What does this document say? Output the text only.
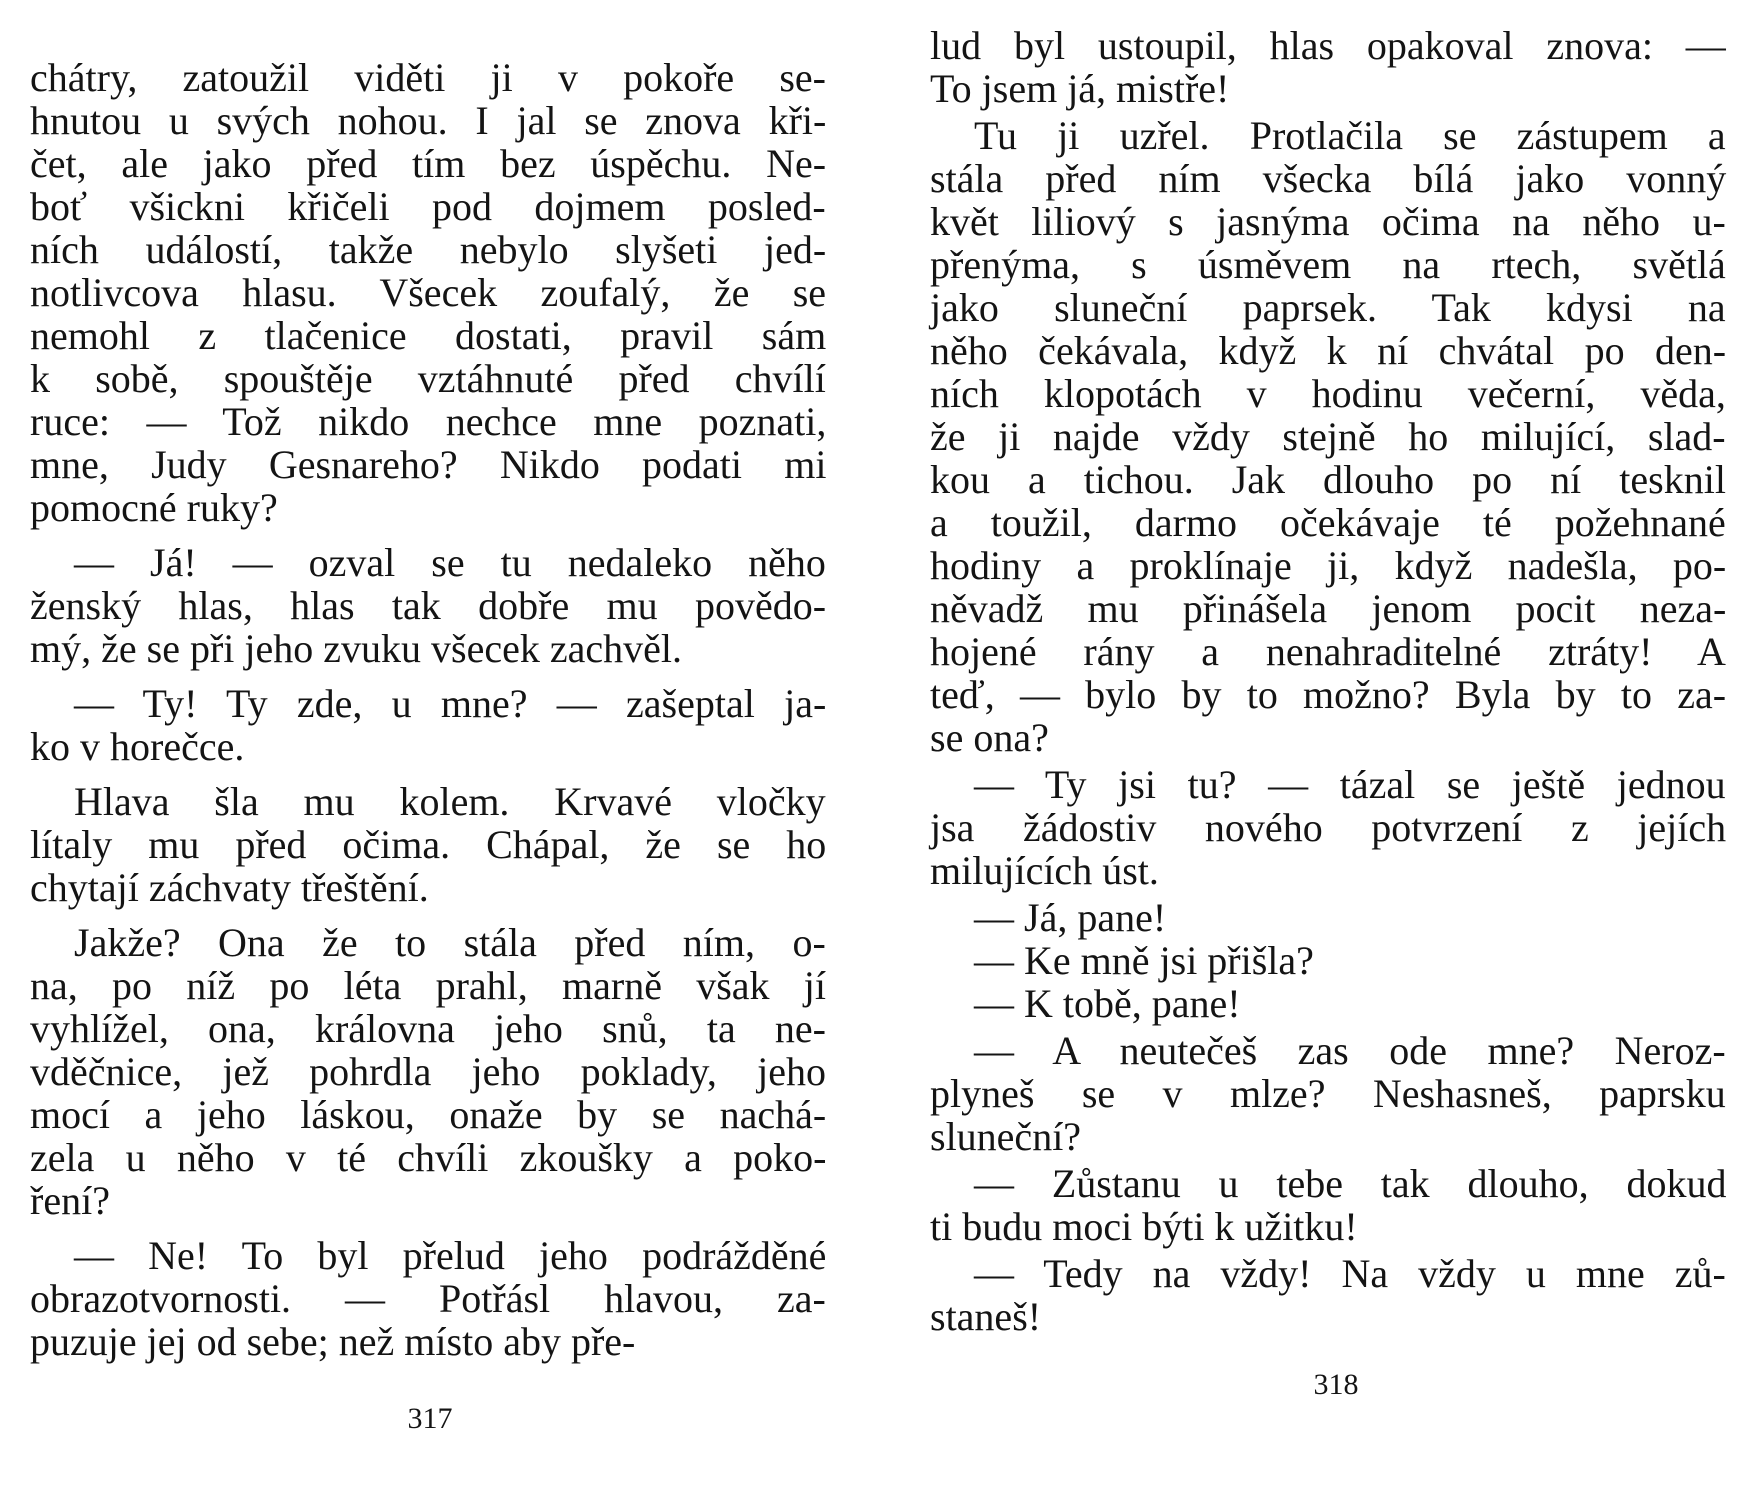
chátry, zatoužil viděti ji v pokoře se-
hnutou u svých nohou. I jal se znova kři-
čet, ale jako před tím bez úspěchu. Ne-
boť všickni křičeli pod dojmem posled-
ních událostí, takže nebylo slyšeti jed-
notlivcova hlasu. Všecek zoufalý, že se
nemohl z tlačenice dostati, pravil sám
k sobě, spouštěje vztáhnuté před chvílí
ruce: — Tož nikdo nechce mne poznati,
mne, Judy Gesnareho? Nikdo podati mi
pomocné ruky?
— Já! — ozval se tu nedaleko něho
ženský hlas, hlas tak dobře mu povědo-
mý, že se při jeho zvuku všecek zachvěl.
— Ty! Ty zde, u mne? — zašeptal ja-
ko v horečce.
Hlava šla mu kolem. Krvavé vločky
lítaly mu před očima. Chápal, že se ho
chytají záchvaty třeštění.
Jakže? Ona že to stála před ním, o-
na, po níž po léta prahl, marně však jí
vyhlížel, ona, královna jeho snů, ta ne-
vděčnice, jež pohrdla jeho poklady, jeho
mocí a jeho láskou, onaže by se nachá-
zela u něho v té chvíli zkoušky a poko-
ření?
— Ne! To byl přelud jeho podrážděné
obrazotvornosti. — Potřásl hlavou, za-
puzuje jej od sebe; než místo aby pře-
317
lud byl ustoupil, hlas opakoval znova: —
To jsem já, mistře!
Tu ji uzřel. Protlačila se zástupem a
stála před ním všecka bílá jako vonný
květ liliový s jasnýma očima na něho u-
přenýma, s úsměvem na rtech, světlá
jako sluneční paprsek. Tak kdysi na
něho čekávala, když k ní chvátal po den-
ních klopotách v hodinu večerní, věda,
že ji najde vždy stejně ho milující, slad-
kou a tichou. Jak dlouho po ní tesknil
a toužil, darmo očekávaje té požehnané
hodiny a proklínaje ji, když nadešla, po-
něvadž mu přinášela jenom pocit neza-
hojené rány a nenahraditelné ztráty! A
teď, — bylo by to možno? Byla by to za-
se ona?
— Ty jsi tu? — tázal se ještě jednou
jsa žádostiv nového potvrzení z jejích
milujících úst.
— Já, pane!
— Ke mně jsi přišla?
— K tobě, pane!
— A neutečeš zas ode mne? Neroz-
plyneš se v mlze? Neshasneš, paprsku
sluneční?
— Zůstanu u tebe tak dlouho, dokud
ti budu moci býti k užitku!
— Tedy na vždy! Na vždy u mne zů-
staneš!
318
